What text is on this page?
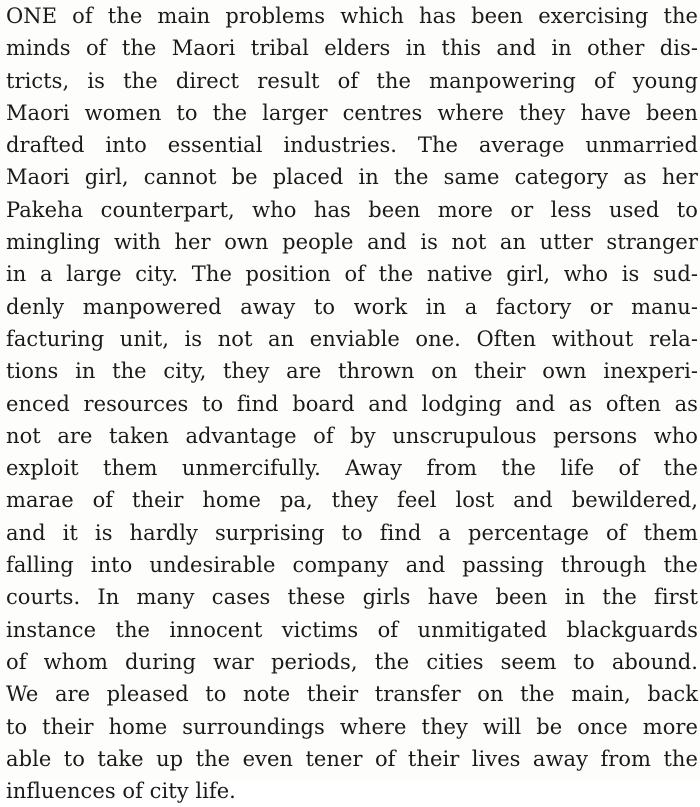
ONE of the main problems which has been exercising the
minds of the Maori tribal elders in this and in other dis-
tricts, is the direct result of the manpowering of young
Maori women to the larger centres where they have been
drafted into essential industries. The average unmarried
Maori girl, cannot be placed in the same category as her
Pakeha counterpart, who has been more or less used to
mingling with her own people and is not an utter stranger
in a large city. The position of the native girl, who is sud-
denly manpowered away to work in a factory or manu-
facturing unit, is not an enviable one. Often without rela-
tions in the city, they are thrown on their own inexperi-
enced resources to find board and lodging and as often as
not are taken advantage of by unscrupulous persons who
exploit them unmercifully. Away from the life of the
marae of their home pa, they feel lost and bewildered,
and it is hardly surprising to find a percentage of them
falling into undesirable company and passing through the
courts. In many cases these girls have been in the first
instance the innocent victims of unmitigated blackguards
of whom during war periods, the cities seem to abound.
We are pleased to note their transfer on the main, back
to their home surroundings where they will be once more
able to take up the even tener of their lives away from the
influences of city life.
